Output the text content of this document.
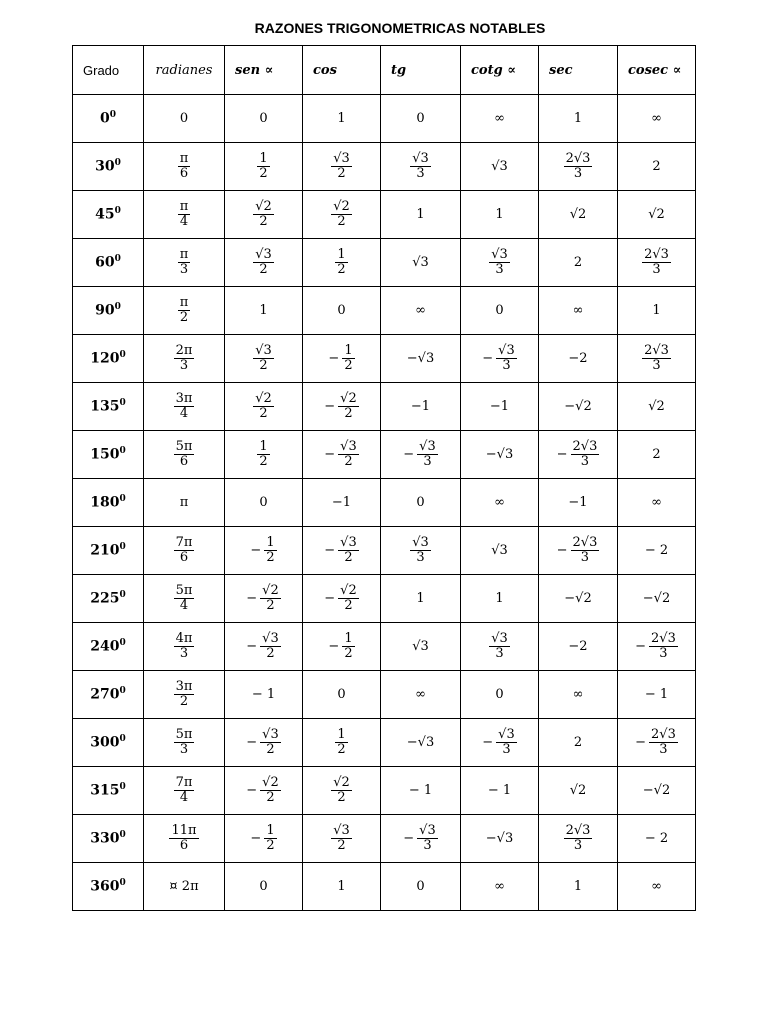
RAZONES TRIGONOMETRICAS NOTABLES
Grado	radianes	sen ∝	cos	tg	cotg ∝	sec	cosec ∝
$0^0$	0	0	1	0	∞	1	∞
$30^0$	$\frac{\pi}{6}$	$\frac{1}{2}$	$\frac{√3}{2}$	$\frac{√3}{3}$	√3	$\frac{2√3}{3}$	2
$45^0$	$\frac{\pi}{4}$	$\frac{√2}{2}$	$\frac{√2}{2}$	1	1	√2	√2
$60^0$	$\frac{\pi}{3}$	$\frac{√3}{2}$	$\frac{1}{2}$	√3	$\frac{√3}{3}$	2	$\frac{2√3}{3}$

$90^0$	$\frac{\pi}{2}$	1	0	∞	0	∞	1
$120^0$	$\frac{2\pi}{3}$	$\frac{√3}{2}$	− $\frac{1}{2}$	−√3	− $\frac{√3}{3}$	−2	$\frac{2√3}{3}$

$135^0$	$\frac{3\pi}{4}$	$\frac{√2}{2}$	− $\frac{√2}{2}$	−1	−1	−√2	√2
$150^0$	$\frac{5\pi}{6}$	$\frac{1}{2}$	− $\frac{√3}{2}$	− $\frac{√3}{3}$	−√3	− $\frac{2√3}{3}$	2
$180^0$	π	0	−1	0	∞	−1	∞
$210^0$	$\frac{7\pi}{6}$	− $\frac{1}{2}$	− $\frac{√3}{2}$	$\frac{√3}{3}$	√3	− $\frac{2√3}{3}$	− 2
$225^0$	$\frac{5\pi}{4}$	− $\frac{√2}{2}$	− $\frac{√2}{2}$	1	1	−√2	−√2
$240^0$	$\frac{4\pi}{3}$	− $\frac{√3}{2}$	− $\frac{1}{2}$	√3	$\frac{√3}{3}$	−2	− $\frac{2√3}{3}$

$270^0$	$\frac{3\pi}{2}$	− 1	0	∞	0	∞	− 1
$300^0$	$\frac{5\pi}{3}$	− $\frac{√3}{2}$	$\frac{1}{2}$	−√3	− $\frac{√3}{3}$	2	− $\frac{2√3}{3}$

$315^0$	$\frac{7\pi}{4}$	− $\frac{√2}{2}$	$\frac{√2}{2}$	− 1	− 1	√2	−√2
$330^0$	$\frac{11\pi}{6}$	− $\frac{1}{2}$	$\frac{√3}{2}$	− $\frac{√3}{3}$	−√3	$\frac{2√3}{3}$	− 2
$360^0$	¤ 2π	0	1	0	∞	1	∞
